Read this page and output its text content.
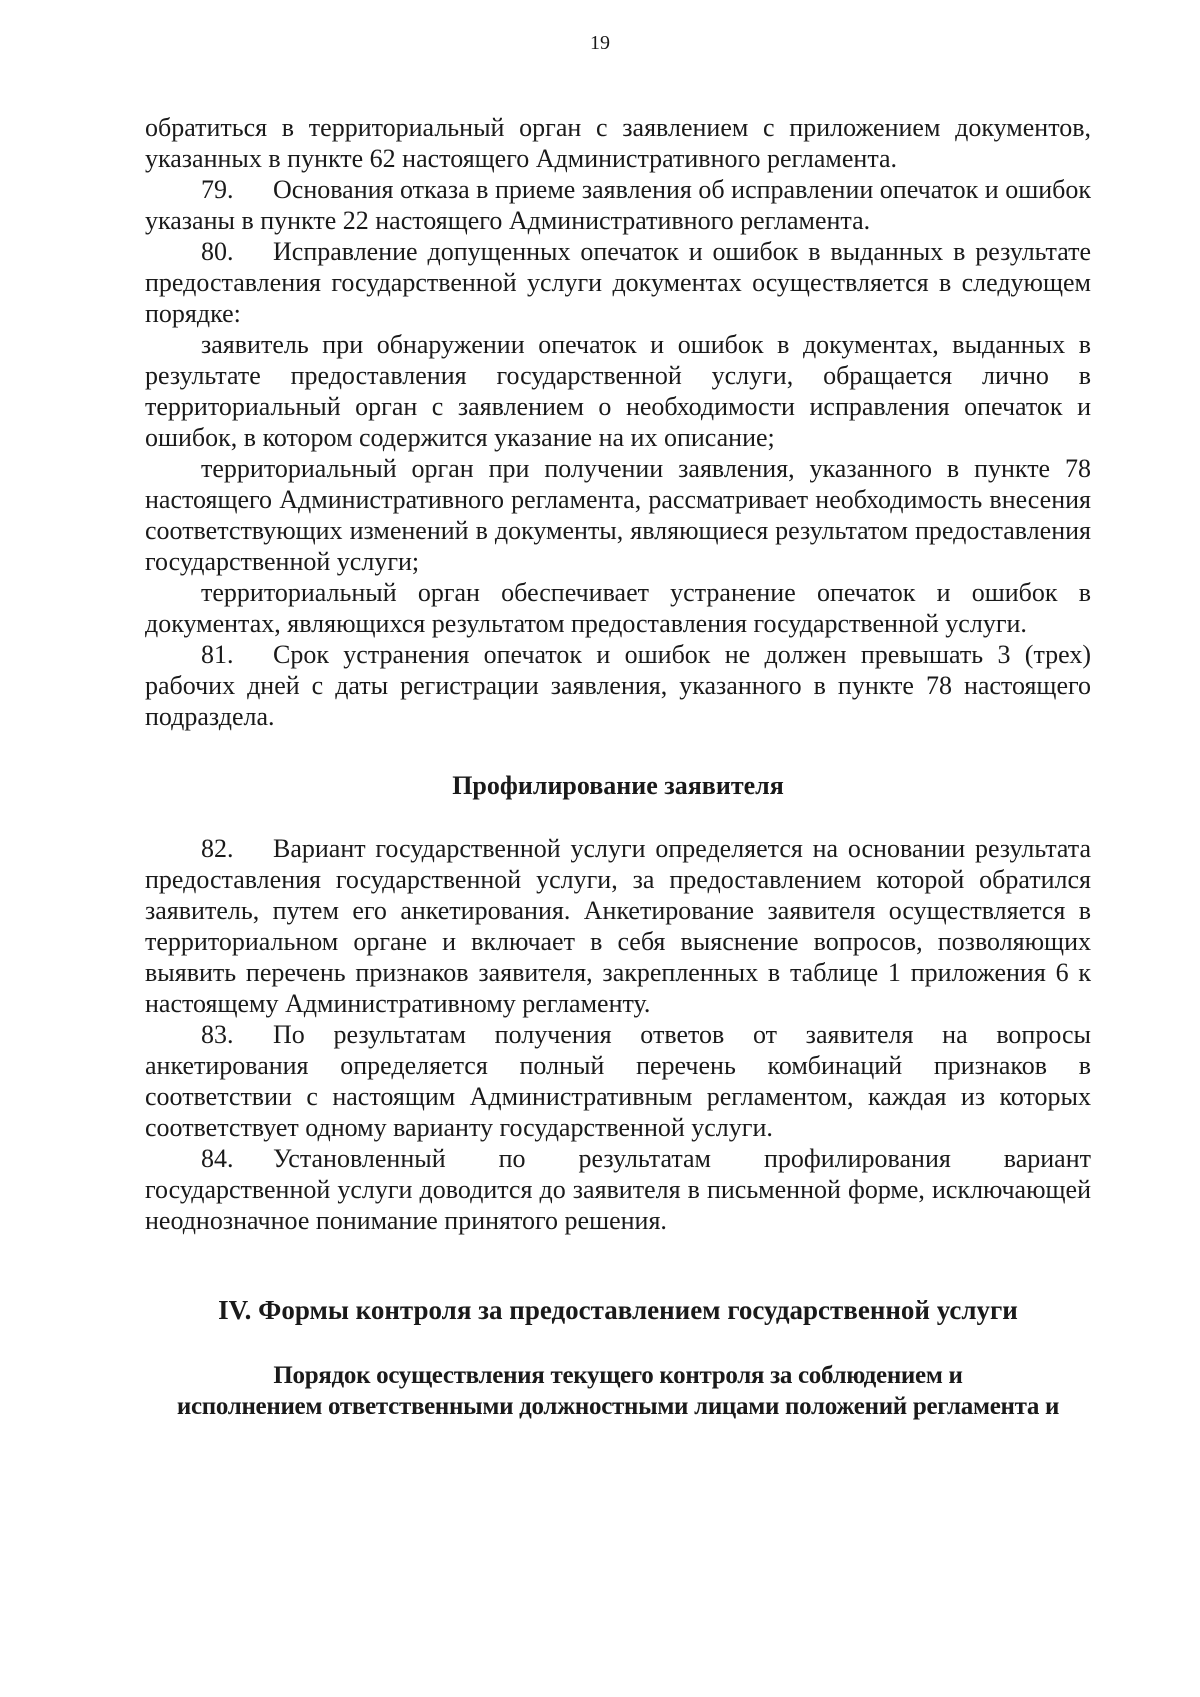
19

обратиться в территориальный орган с заявлением с приложением документов, указанных в пункте 62 настоящего Административного регламента.

79. Основания отказа в приеме заявления об исправлении опечаток и ошибок указаны в пункте 22 настоящего Административного регламента.

80. Исправление допущенных опечаток и ошибок в выданных в результате предоставления государственной услуги документах осуществляется в следующем порядке:

заявитель при обнаружении опечаток и ошибок в документах, выданных в результате предоставления государственной услуги, обращается лично в территориальный орган с заявлением о необходимости исправления опечаток и ошибок, в котором содержится указание на их описание;

территориальный орган при получении заявления, указанного в пункте 78 настоящего Административного регламента, рассматривает необходимость внесения соответствующих изменений в документы, являющиеся результатом предоставления государственной услуги;

территориальный орган обеспечивает устранение опечаток и ошибок в документах, являющихся результатом предоставления государственной услуги.

81. Срок устранения опечаток и ошибок не должен превышать 3 (трех) рабочих дней с даты регистрации заявления, указанного в пункте 78 настоящего подраздела.

Профилирование заявителя

82. Вариант государственной услуги определяется на основании результата предоставления государственной услуги, за предоставлением которой обратился заявитель, путем его анкетирования. Анкетирование заявителя осуществляется в территориальном органе и включает в себя выяснение вопросов, позволяющих выявить перечень признаков заявителя, закрепленных в таблице 1 приложения 6 к настоящему Административному регламенту.

83. По результатам получения ответов от заявителя на вопросы анкетирования определяется полный перечень комбинаций признаков в соответствии с настоящим Административным регламентом, каждая из которых соответствует одному варианту государственной услуги.

84. Установленный по результатам профилирования вариант государственной услуги доводится до заявителя в письменной форме, исключающей неоднозначное понимание принятого решения.

IV. Формы контроля за предоставлением государственной услуги

Порядок осуществления текущего контроля за соблюдением и

исполнением ответственными должностными лицами положений регламента и
